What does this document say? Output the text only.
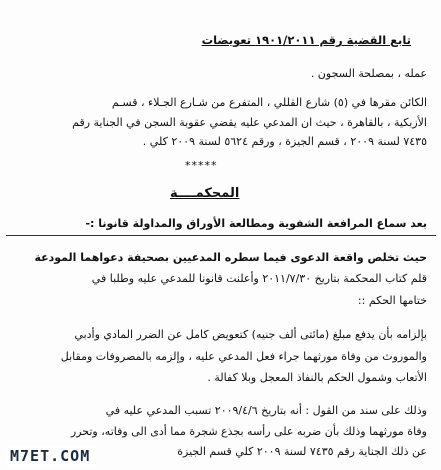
تابع القضية رقم ١٩٠١/٢٠١١ تعويضات
عمله ، بمصلحة السجون .
الكائن مقرها في (٥) شارع القللي ، المتفرع من شـارع الجـلاء ، قسـم
الأزبكية ، بالقاهرة ، حيث ان المدعي عليه يقضي عقوبة السجن في الجناية رقم
٧٤٣٥ لسنة ٢٠٠٩ ، قسم الجيزة ، ورقم ٥٦٢٤ لسنة ٢٠٠٩ كلي .
*****
المحكمــــة
بعد سماع المرافعة الشفوية ومطالعة الأوراق والمداولة قانونا :-
حيث تخلص واقعة الدعوى فيما سطره المدعيين بصحيفة دعواهما المودعة
قلم كتاب المحكمة بتاريخ ٢٠١١/٧/٣٠ وأعلنت قانونا للمدعي عليه وطلبا في
ختامها الحكم ::
بإلزامه بأن يدفع مبلغ (مائتى ألف جنيه) كتعويض كامل عن الضرر المادي وأدبي
والموروث من وفاة مورثهما جراء فعل المدعي عليه ، وإلزمه بالمصروفات ومقابل
الأتعاب وشمول الحكم بالنفاذ المعجل وبلا كفالة .
وذلك على سند من القول : أنه بتاريخ ٢٠٠٩/٤/٦ تسبب المدعي عليه في
وفاة مورثهما وذلك بأن ضربه على رأسه بجذع شجرة مما أدى الى وفاته، وتحرر
عن ذلك الجناية رقم ٧٤٣٥ لسنة ٢٠٠٩ كلي قسم الجيزة
M7ET.COM
